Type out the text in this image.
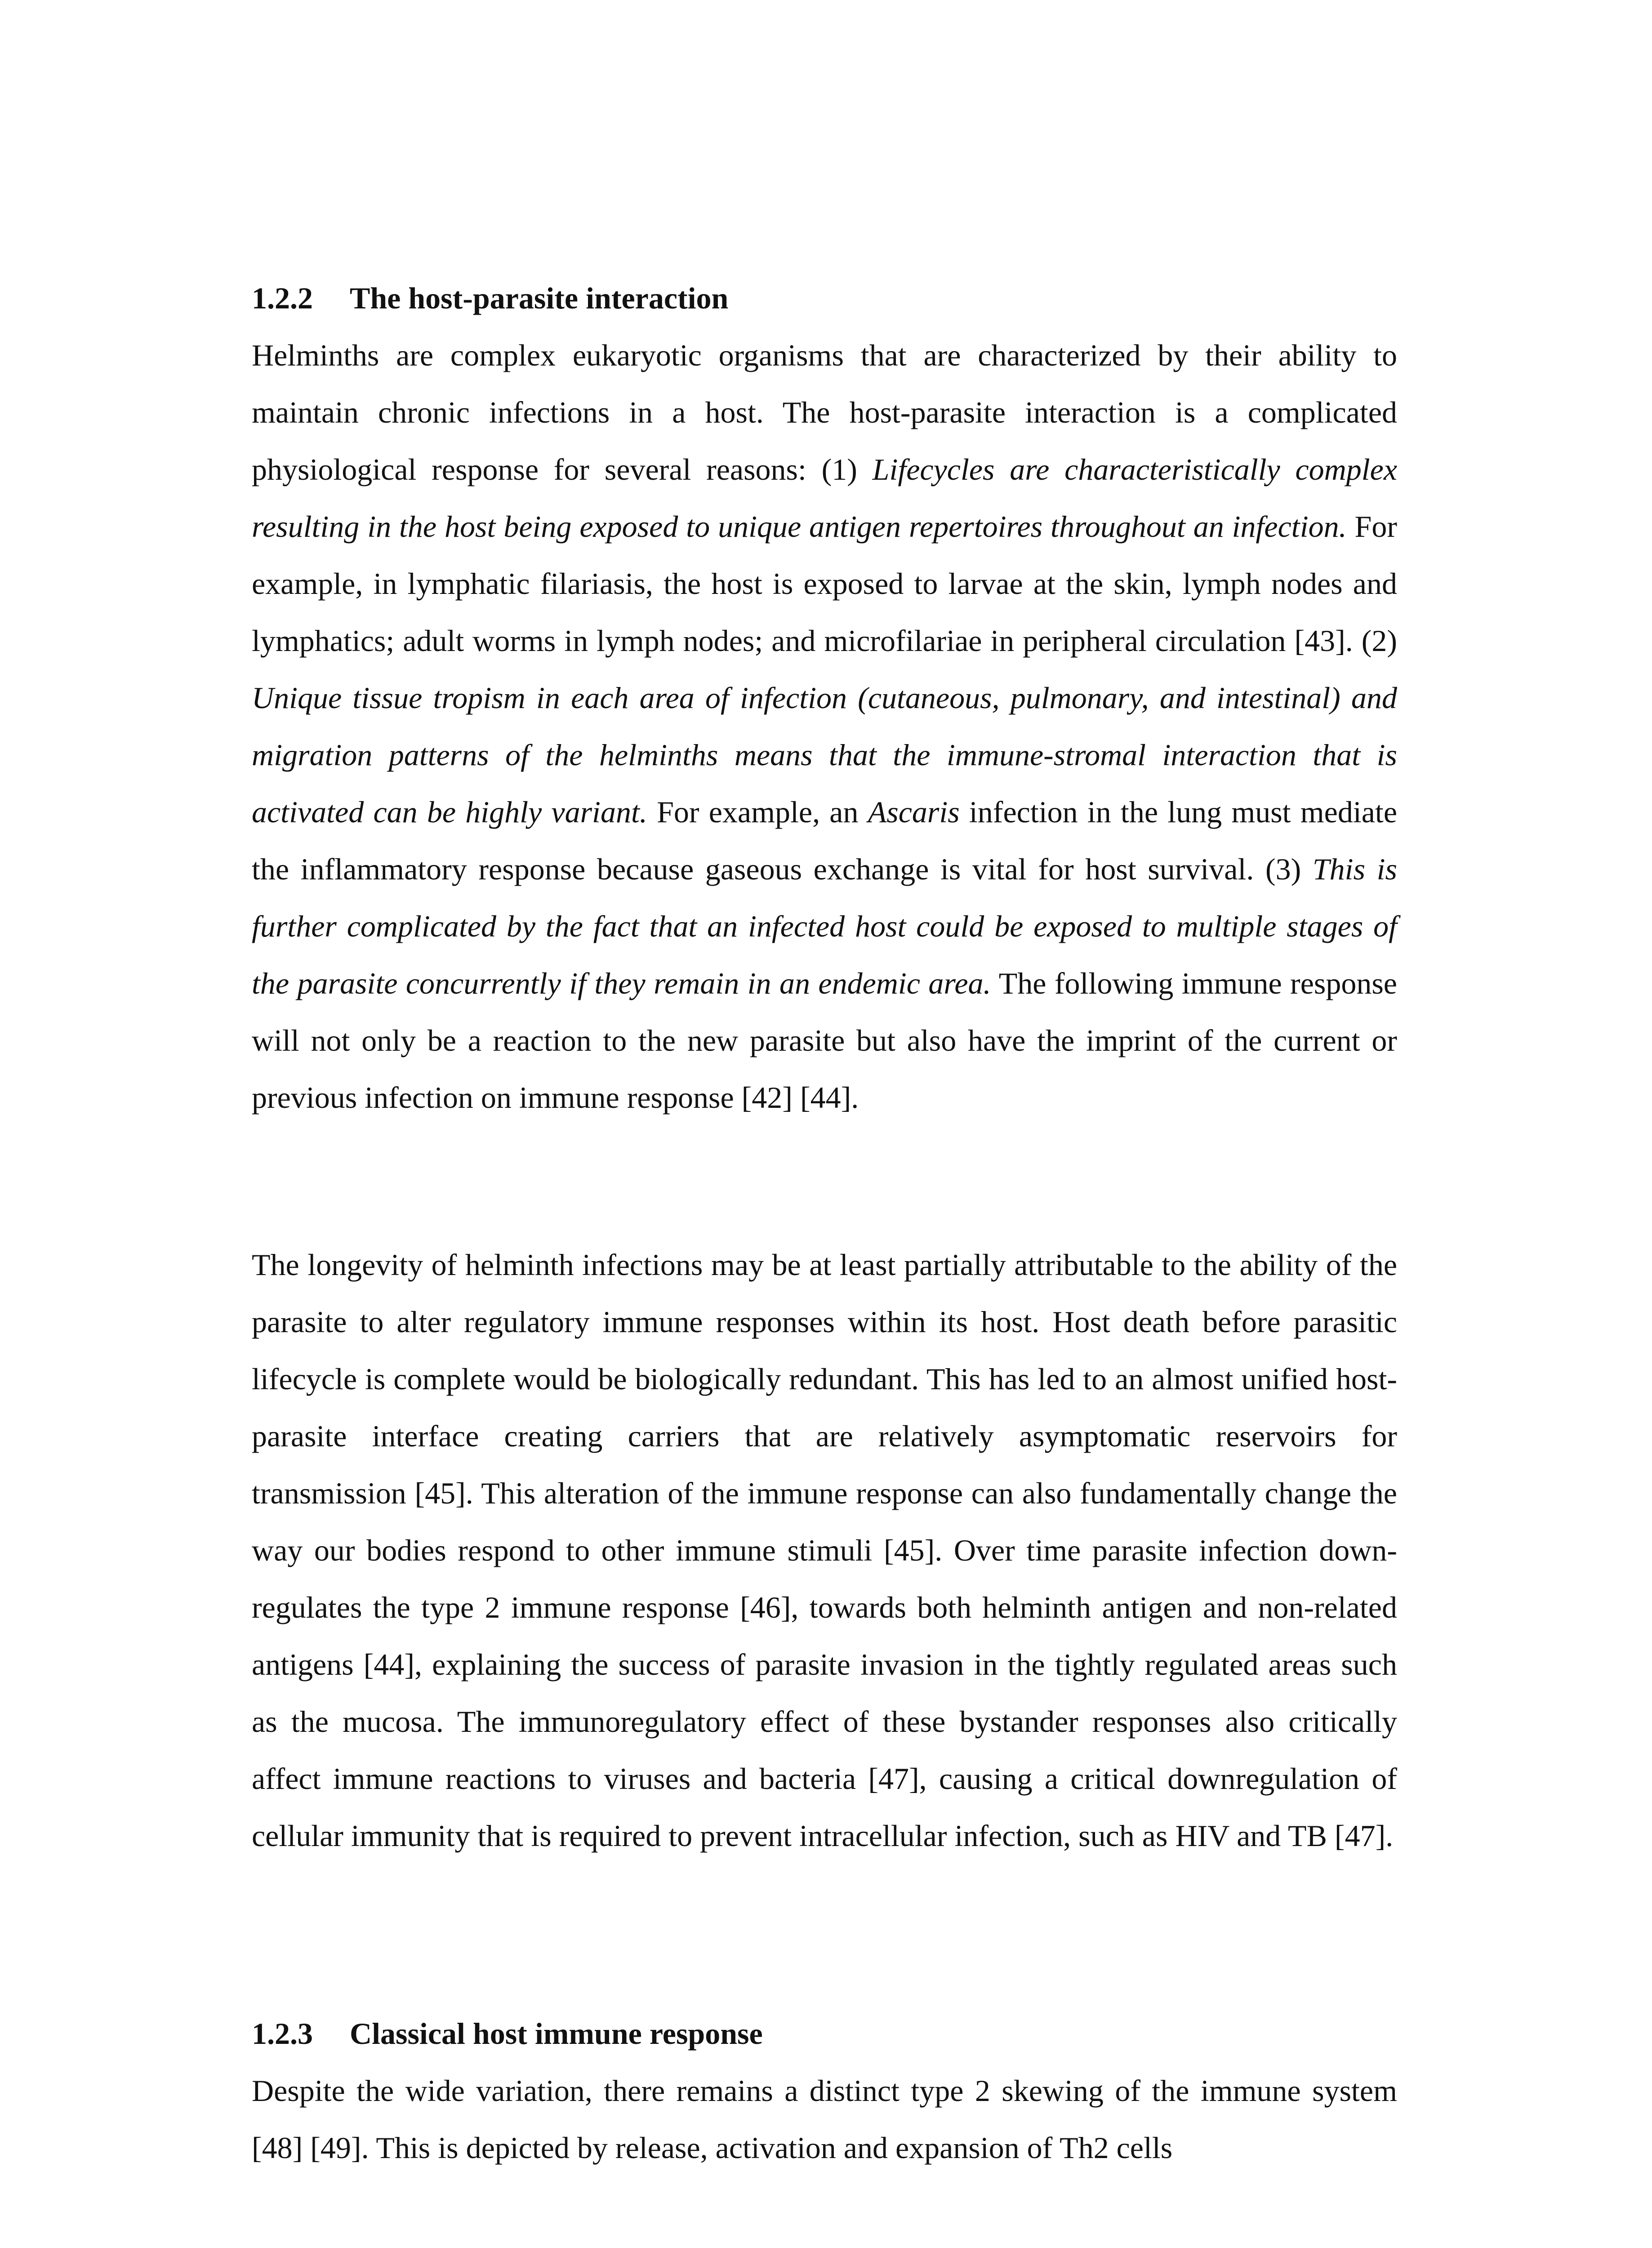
1.2.2 The host-parasite interaction

Helminths are complex eukaryotic organisms that are characterized by their ability to maintain chronic infections in a host. The host-parasite interaction is a complicated physiological response for several reasons: (1) Lifecycles are characteristically complex resulting in the host being exposed to unique antigen repertoires throughout an infection. For example, in lymphatic filariasis, the host is exposed to larvae at the skin, lymph nodes and lymphatics; adult worms in lymph nodes; and microfilariae in peripheral circulation [43]. (2) Unique tissue tropism in each area of infection (cutaneous, pulmonary, and intestinal) and migration patterns of the helminths means that the immune-stromal interaction that is activated can be highly variant. For example, an Ascaris infection in the lung must mediate the inflammatory response because gaseous exchange is vital for host survival. (3) This is further complicated by the fact that an infected host could be exposed to multiple stages of the parasite concurrently if they remain in an endemic area. The following immune response will not only be a reaction to the new parasite but also have the imprint of the current or previous infection on immune response [42] [44].

The longevity of helminth infections may be at least partially attributable to the ability of the parasite to alter regulatory immune responses within its host. Host death before parasitic lifecycle is complete would be biologically redundant. This has led to an almost unified host-parasite interface creating carriers that are relatively asymptomatic reservoirs for transmission [45]. This alteration of the immune response can also fundamentally change the way our bodies respond to other immune stimuli [45]. Over time parasite infection down-regulates the type 2 immune response [46], towards both helminth antigen and non-related antigens [44], explaining the success of parasite invasion in the tightly regulated areas such as the mucosa. The immunoregulatory effect of these bystander responses also critically affect immune reactions to viruses and bacteria [47], causing a critical downregulation of cellular immunity that is required to prevent intracellular infection, such as HIV and TB [47].

1.2.3 Classical host immune response

Despite the wide variation, there remains a distinct type 2 skewing of the immune system [48] [49]. This is depicted by release, activation and expansion of Th2 cells
